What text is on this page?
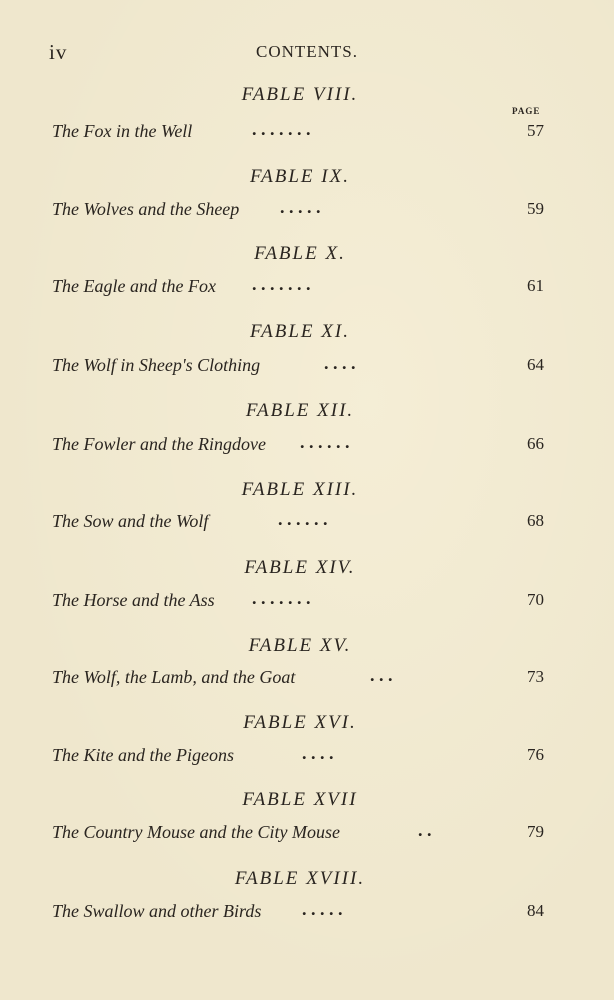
iv	CONTENTS.
PAGE
FABLE VIII.
The Fox in the Well	. . . . . . .	57
FABLE IX.
The Wolves and the Sheep . . . . .	59
FABLE X.
The Eagle and the Fox . . . . . . .	61
FABLE XI.
The Wolf in Sheep's Clothing	. . . .	64
FABLE XII.
The Fowler and the Ringdove . . . . . .	66
FABLE XIII.
The Sow and the Wolf	. . . . . .	68
FABLE XIV.
The Horse and the Ass . . . . . . .	70
FABLE XV.
The Wolf, the Lamb, and the Goat	. . .	73
FABLE XVI.
The Kite and the Pigeons	. . . .	76
FABLE XVII
The Country Mouse and the City Mouse	. .	79
FABLE XVIII.
The Swallow and other Birds . . . . .	84
